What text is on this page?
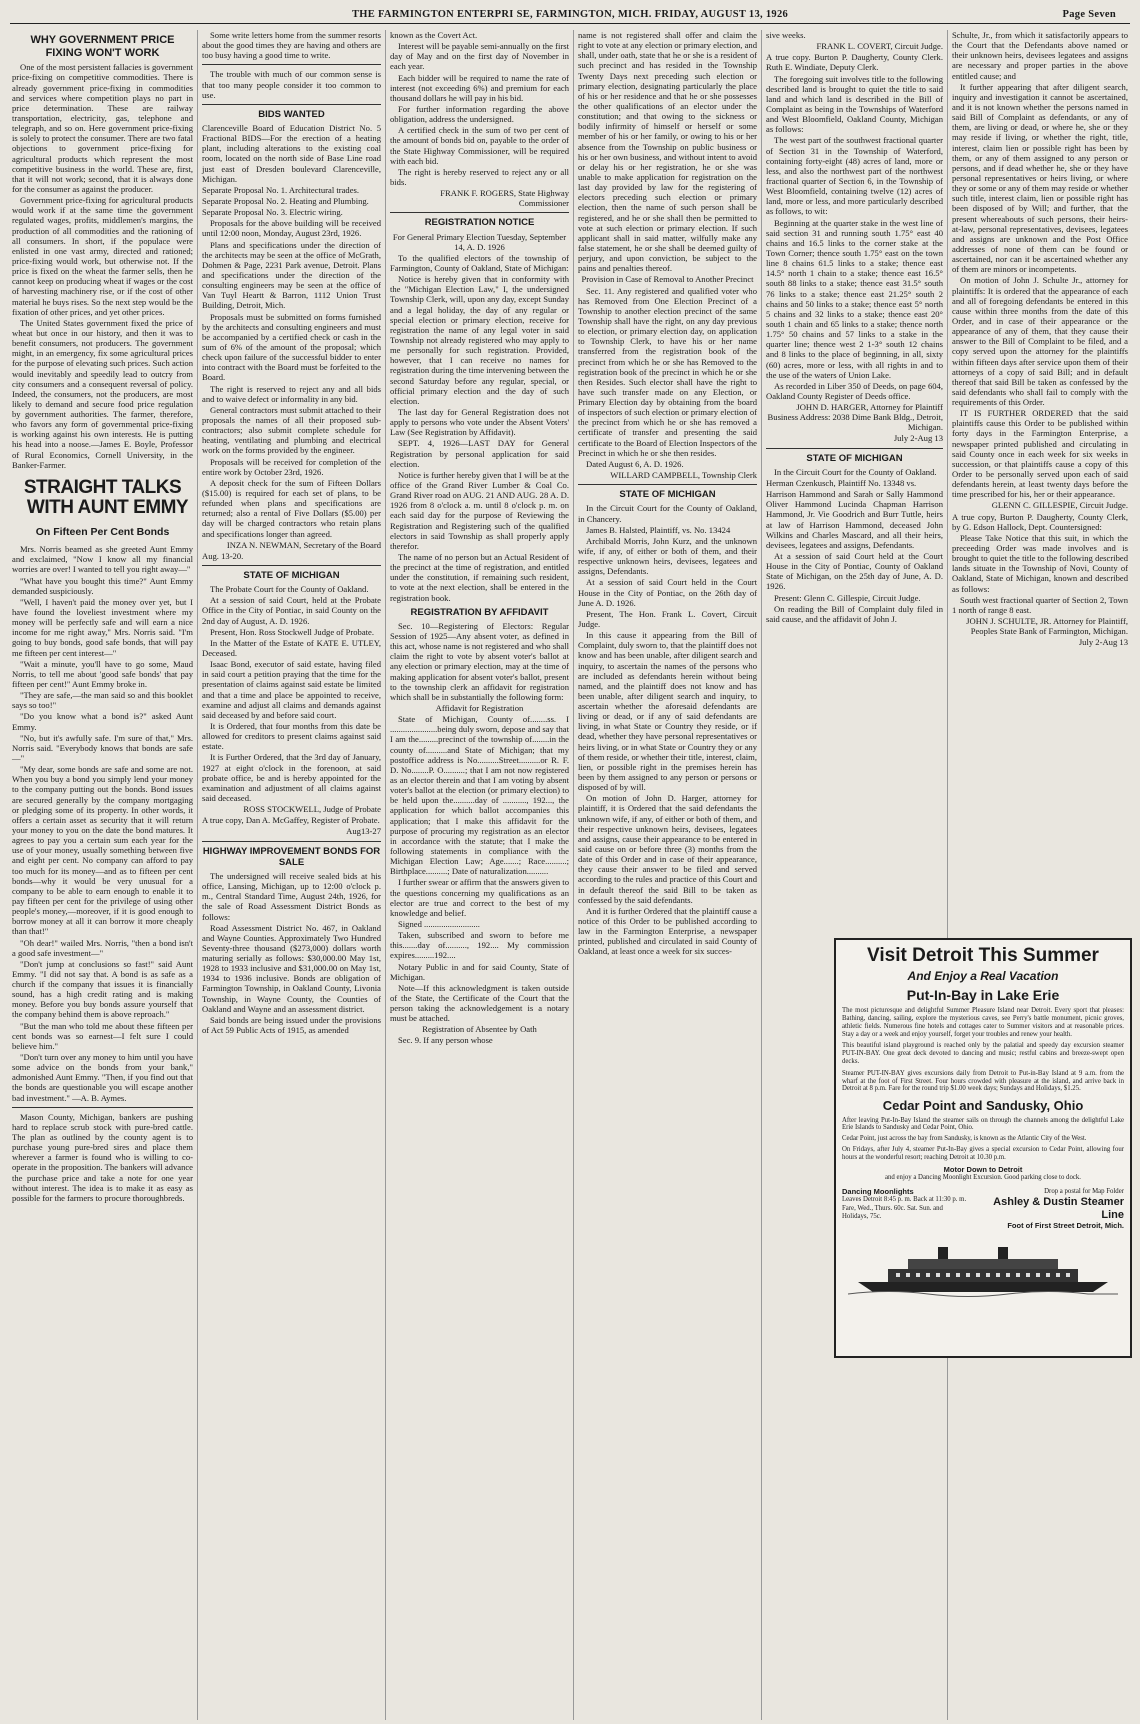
THE FARMINGTON ENTERPRI SE, FARMINGTON, MICH. FRIDAY, AUGUST 13, 1926	Page Seven
WHY GOVERNMENT PRICE FIXING WON'T WORK

One of the most persistent fallacies is government price-fixing on competitive commodities. There is already government price-fixing in commodities and services where competition plays no part in price determination. These are railway transportation, electricity, gas, telephone and telegraph, and so on. Here government price-fixing is solely to protect the consumer. There are two fatal objections to government price-fixing for agricultural products which represent the most competitive business in the world. These are, first, that it will not work; second, that it is always done for the consumer as against the producer.

Government price-fixing for agricultural products would work if at the same time the government regulated wages, profits, middlemen's margins, the production of all commodities and the rationing of all consumers. In short, if the populace were enlisted in one vast army, directed and rationed; price-fixing would work, but otherwise not. If the price is fixed on the wheat the farmer sells, then he cannot keep on producing wheat if wages or the cost of harvesting machinery rise, or if the cost of other material he buys rises. So the next step would be the fixation of other prices, and yet other prices.

The United States government fixed the price of wheat but once in our history, and then it was to benefit consumers, not producers. The government might, in an emergency, fix some agricultural prices for the purpose of elevating such prices. Such action would inevitably and speedily lead to outcry from city consumers and a consequent reversal of policy. Indeed, the consumers, not the producers, are most likely to demand and secure food price regulation by government authorities. The farmer, therefore, who favors any form of governmental price-fixing is working against his own interests. He is putting his head into a noose.—James E. Boyle, Professor of Rural Economics, Cornell University, in the Banker-Farmer.

STRAIGHT TALKS
WITH AUNT EMMY
On Fifteen Per Cent Bonds

Mrs. Norris beamed as she greeted Aunt Emmy and exclaimed, "Now I know all my financial worries are over! I wanted to tell you right away—"

"What have you bought this time?" Aunt Emmy demanded suspiciously.

"Well, I haven't paid the money over yet, but I have found the loveliest investment where my money will be perfectly safe and will earn a nice income for me right away," Mrs. Norris said. "I'm going to buy bonds, good safe bonds, that will pay me fifteen per cent interest—"

"Wait a minute, you'll have to go some, Maud Norris, to tell me about 'good safe bonds' that pay fifteen per cent!" Aunt Emmy broke in.

"They are safe,—the man said so and this booklet says so too!"

"Do you know what a bond is?" asked Aunt Emmy.

"No, but it's awfully safe. I'm sure of that," Mrs. Norris said. "Everybody knows that bonds are safe—"

"My dear, some bonds are safe and some are not. When you buy a bond you simply lend your money to the company putting out the bonds. Bond issues are secured generally by the company mortgaging or pledging some of its property. In other words, it offers a certain asset as security that it will return your money to you on the date the bond matures. It agrees to pay you a certain sum each year for the use of your money, usually something between five and eight per cent. No company can afford to pay too much for its money—and as to fifteen per cent bonds—why it would be very unusual for a company to be able to earn enough to enable it to pay fifteen per cent for the privilege of using other people's money,—moreover, if it is good enough to borrow money at all it can borrow it more cheaply than that!"

"Oh dear!" wailed Mrs. Norris, "then a bond isn't a good safe investment—"

"Don't jump at conclusions so fast!" said Aunt Emmy. "I did not say that. A bond is as safe as a church if the company that issues it is financially sound, has a high credit rating and is making money. Before you buy bonds assure yourself that the company behind them is above reproach."

"But the man who told me about these fifteen per cent bonds was so earnest—I felt sure I could believe him."

"Don't turn over any money to him until you have some advice on the bonds from your bank," admonished Aunt Emmy. "Then, if you find out that the bonds are questionable you will escape another bad investment." —A. B. Aymes.

Mason County, Michigan, bankers are pushing hard to replace scrub stock with pure-bred cattle. The plan as outlined by the county agent is to purchase young pure-bred sires and place them wherever a farmer is found who is willing to co-operate in the proposition. The bankers will advance the purchase price and take a note for one year without interest. The idea is to make it as easy as possible for the farmers to procure thoroughbreds.

Some write letters home from the summer resorts about the good times they are having and others are too busy having a good time to write.

The trouble with much of our common sense is that too many people consider it too common to use.

BIDS WANTED

Clarenceville Board of Education District No. 5 Fractional BIDS—For the erection of a heating plant, including alterations to the existing coal room, located on the north side of Base Line road just east of Dresden boulevard Clarenceville, Michigan.

Separate Proposal No. 1. Architectural trades.

Separate Proposal No. 2. Heating and Plumbing.

Separate Proposal No. 3. Electric wiring.

Proposals for the above building will be received until 12:00 noon, Monday, August 23rd, 1926.

Plans and specifications under the direction of the architects may be seen at the office of McGrath, Dohmen & Page, 2231 Park avenue, Detroit. Plans and specifications under the direction of the consulting engineers may be seen at the office of Van Tuyl Heartt & Barron, 1112 Union Trust Building, Detroit, Mich.

Proposals must be submitted on forms furnished by the architects and consulting engineers and must be accompanied by a certified check or cash in the sum of 6% of the amount of the proposal; which check upon failure of the successful bidder to enter into contract with the Board must be forfeited to the Board.

The right is reserved to reject any and all bids and to waive defect or informality in any bid.

General contractors must submit attached to their proposals the names of all their proposed sub-contractors; also submit complete schedule for heating, ventilating and plumbing and electrical work on the forms provided by the engineer.

Proposals will be received for completion of the entire work by October 23rd, 1926.

A deposit check for the sum of Fifteen Dollars ($15.00) is required for each set of plans, to be refunded when plans and specifications are returned; also a rental of Five Dollars ($5.00) per day will be charged contractors who retain plans and specifications longer than agreed.

INZA N. NEWMAN, Secretary of the Board

Aug. 13-20.

STATE OF MICHIGAN

The Probate Court for the County of Oakland.

At a session of said Court, held at the Probate Office in the City of Pontiac, in said County on the 2nd day of August, A. D. 1926.

Present, Hon. Ross Stockwell Judge of Probate.

In the Matter of the Estate of KATE E. UTLEY, Deceased.

Isaac Bond, executor of said estate, having filed in said court a petition praying that the time for the presentation of claims against said estate be limited and that a time and place be appointed to receive, examine and adjust all claims and demands against said deceased by and before said court.

It is Ordered, that four months from this date be allowed for creditors to present claims against said estate.

It is Further Ordered, that the 3rd day of January, 1927 at eight o'clock in the forenoon, at said probate office, be and is hereby appointed for the examination and adjustment of all claims against said deceased.

ROSS STOCKWELL, Judge of Probate

A true copy, Dan A. McGaffey, Register of Probate.

Aug13-27

HIGHWAY IMPROVEMENT BONDS FOR SALE

The undersigned will receive sealed bids at his office, Lansing, Michigan, up to 12:00 o'clock p. m., Central Standard Time, August 24th, 1926, for the sale of Road Assessment District Bonds as follows:

Road Assessment District No. 467, in Oakland and Wayne Counties. Approximately Two Hundred Seventy-three thousand ($273,000) dollars worth maturing serially as follows: $30,000.00 May 1st, 1928 to 1933 inclusive and $31,000.00 on May 1st, 1934 to 1936 inclusive. Bonds are obligation of Farmington Township, in Oakland County, Livonia Township, in Wayne County, the Counties of Oakland and Wayne and an assessment district.

Said bonds are being issued under the provisions of Act 59 Public Acts of 1915, as amended

known as the Covert Act.

Interest will be payable semi-annually on the first day of May and on the first day of November in each year.

Each bidder will be required to name the rate of interest (not exceeding 6%) and premium for each thousand dollars he will pay in his bid.

For further information regarding the above obligation, address the undersigned.

A certified check in the sum of two per cent of the amount of bonds bid on, payable to the order of the State Highway Commissioner, will be required with each bid.

The right is hereby reserved to reject any or all bids.

FRANK F. ROGERS, State Highway Commissioner

REGISTRATION NOTICE

For General Primary Election Tuesday, September 14, A. D. 1926

To the qualified electors of the township of Farmington, County of Oakland, State of Michigan:

Notice is hereby given that in conformity with the "Michigan Election Law," I, the undersigned Township Clerk, will, upon any day, except Sunday and a legal holiday, the day of any regular or special election or primary election, receive for registration the name of any legal voter in said Township not already registered who may apply to me personally for such registration. Provided, however, that I can receive no names for registration during the time intervening between the second Saturday before any regular, special, or official primary election and the day of such election.

The last day for General Registration does not apply to persons who vote under the Absent Voters' Law (See Registration by Affidavit).

SEPT. 4, 1926—LAST DAY for General Registration by personal application for said election.

Notice is further hereby given that I will be at the office of the Grand River Lumber & Coal Co. Grand River road on AUG. 21 AND AUG. 28 A. D. 1926 from 8 o'clock a. m. until 8 o'clock p. m. on each said day for the purpose of Reviewing the Registration and Registering such of the qualified electors in said Township as shall properly apply therefor.

The name of no person but an Actual Resident of the precinct at the time of registration, and entitled under the constitution, if remaining such resident, to vote at the next election, shall be entered in the registration book.

REGISTRATION BY AFFIDAVIT

Sec. 10—Registering of Electors: Regular Session of 1925—Any absent voter, as defined in this act, whose name is not registered and who shall claim the right to vote by absent voter's ballot at any election or primary election, may at the time of making application for absent voter's ballot, present to the township clerk an affidavit for registration which shall be in substantially the following form:

Affidavit for Registration

State of Michigan, County of........ss. I ......................being duly sworn, depose and say that I am the.........precinct of the township of........in the county of..........and State of Michigan; that my postoffice address is No..........Street..........or R. F. D. No........P. O..........; that I am not now registered as an elector therein and that I am voting by absent voter's ballot at the election (or primary election) to be held upon the..........day of ..........., 192..., the application for which ballot accompanies this application; that I make this affidavit for the purpose of procuring my registration as an elector in accordance with the statute; that I make the following statements in compliance with the Michigan Election Law; Age.......; Race..........; Birthplace..........; Date of naturalization..........

I further swear or affirm that the answers given to the questions concerning my qualifications as an elector are true and correct to the best of my knowledge and belief.

Signed ..........................

Taken, subscribed and sworn to before me this.......day of.........., 192.... My commission expires.........192....

Notary Public in and for said County, State of Michigan.

Note—If this acknowledgment is taken outside of the State, the Certificate of the Court that the person taking the acknowledgement is a notary must be attached.

Registration of Absentee by Oath

Sec. 9. If any person whose

name is not registered shall offer and claim the right to vote at any election or primary election, and shall, under oath, state that he or she is a resident of such precinct and has resided in the Township Twenty Days next preceding such election or primary election, designating particularly the place of his or her residence and that he or she possesses the other qualifications of an elector under the constitution; and that owing to the sickness or bodily infirmity of himself or herself or some member of his or her family, or owing to his or her absence from the Township on public business or his or her own business, and without intent to avoid or delay his or her registration, he or she was unable to make application for registration on the last day provided by law for the registering of electors preceding such election or primary election, then the name of such person shall be registered, and he or she shall then be permitted to vote at such election or primary election. If such applicant shall in said matter, wilfully make any false statement, he or she shall be deemed guilty of perjury, and upon conviction, be subject to the pains and penalties thereof.

Provision in Case of Removal to Another Precinct

Sec. 11. Any registered and qualified voter who has Removed from One Election Precinct of a Township to another election precinct of the same Township shall have the right, on any day previous to election, or primary election day, on application to Township Clerk, to have his or her name transferred from the registration book of the precinct from which he or she has Removed to the registration book of the precinct in which he or she then Resides. Such elector shall have the right to have such transfer made on any Election, or Primary Election day by obtaining from the board of inspectors of such election or primary election of the precinct from which he or she has removed a certificate of transfer and presenting the said certificate to the Board of Election Inspectors of the Precinct in which he or she then resides.

Dated August 6, A. D. 1926.

WILLARD CAMPBELL, Township Clerk

STATE OF MICHIGAN

In the Circuit Court for the County of Oakland, in Chancery.

James B. Halsted, Plaintiff, vs. No. 13424

Archibald Morris, John Kurz, and the unknown wife, if any, of either or both of them, and their respective unknown heirs, devisees, legatees and assigns, Defendants.

At a session of said Court held in the Court House in the City of Pontiac, on the 26th day of June A. D. 1926.

Present, The Hon. Frank L. Covert, Circuit Judge.

In this cause it appearing from the Bill of Complaint, duly sworn to, that the plaintiff does not know and has been unable, after diligent search and inquiry, to ascertain the names of the persons who are included as defendants herein without being named, and the plaintiff does not know and has been unable, after diligent search and inquiry, to ascertain whether the aforesaid defendants are living or dead, or if any of said defendants are living, in what State or Country they reside, or if dead, whether they have personal representatives or heirs living, or in what State or Country they or any of them reside, or whether their title, interest, claim, lien, or possible right in the premises herein has been by them assigned to any person or persons or disposed of by will.

On motion of John D. Harger, attorney for plaintiff, it is Ordered that the said defendants the unknown wife, if any, of either or both of them, and their respective unknown heirs, devisees, legatees and assigns, cause their appearance to be entered in said cause on or before three (3) months from the date of this Order and in case of their appearance, they cause their answer to be filed and served according to the rules and practice of this Court and in default thereof the said Bill to be taken as confessed by the said defendants.

And it is further Ordered that the plaintiff cause a notice of this Order to be published according to law in the Farmington Enterprise, a newspaper printed, published and circulated in said County of Oakland, at least once a week for six succes-

sive weeks.

FRANK L. COVERT, Circuit Judge.

A true copy. Burton P. Daugherty, County Clerk. Ruth E. Windiate, Deputy Clerk.

The foregoing suit involves title to the following described land is brought to quiet the title to said land and which land is described in the Bill of Complaint as being in the Townships of Waterford and West Bloomfield, Oakland County, Michigan as follows:

The west part of the southwest fractional quarter of Section 31 in the Township of Waterford, containing forty-eight (48) acres of land, more or less, and also the northwest part of the northwest fractional quarter of Section 6, in the Township of West Bloomfield, containing twelve (12) acres of land, more or less, and more particularly described as follows, to wit:

Beginning at the quarter stake in the west line of said section 31 and running south 1.75° east 40 chains and 16.5 links to the corner stake at the Town Corner; thence south 1.75° east on the town line 8 chains 61.5 links to a stake; thence east 14.5° north 1 chain to a stake; thence east 16.5° south 88 links to a stake; thence east 31.5° south 76 links to a stake; thence east 21.25° south 2 chains and 50 links to a stake; thence east 5° north 5 chains and 32 links to a stake; thence east 20° south 1 chain and 65 links to a stake; thence north 1.75° 50 chains and 57 links to a stake in the quarter line; thence west 2 1-3° south 12 chains and 8 links to the place of beginning, in all, sixty (60) acres, more or less, with all rights in and to the use of the waters of Union Lake.

As recorded in Liber 350 of Deeds, on page 604, Oakland County Register of Deeds office.

JOHN D. HARGER, Attorney for Plaintiff Business Address: 2038 Dime Bank Bldg., Detroit, Michigan.

July 2-Aug 13

STATE OF MICHIGAN

In the Circuit Court for the County of Oakland.

Herman Czenkusch, Plaintiff No. 13348 vs.

Harrison Hammond and Sarah or Sally Hammond Oliver Hammond Lucinda Chapman Harrison Hammond, Jr. Vie Goodrich and Burr Tuttle, heirs at law of Harrison Hammond, deceased John Wilkins and Charles Mascard, and all their heirs, devisees, legatees and assigns, Defendants.

At a session of said Court held at the Court House in the City of Pontiac, County of Oakland State of Michigan, on the 25th day of June, A. D. 1926.

Present: Glenn C. Gillespie, Circuit Judge.

On reading the Bill of Complaint duly filed in said cause, and the affidavit of John J.

Schulte, Jr., from which it satisfactorily appears to the Court that the Defendants above named or their unknown heirs, devisees legatees and assigns are necessary and proper parties in the above entitled cause; and

It further appearing that after diligent search, inquiry and investigation it cannot be ascertained, and it is not known whether the persons named in said Bill of Complaint as defendants, or any of them, are living or dead, or where he, she or they may reside if living, or whether the right, title, interest, claim lien or possible right has been by them, or any of them assigned to any person or persons, and if dead whether he, she or they have personal representatives or heirs living, or where they or some or any of them may reside or whether such title, interest claim, lien or possible right has been disposed of by Will; and further, that the present whereabouts of such persons, their heirs-at-law, personal representatives, devisees, legatees and assigns are unknown and the Post Office addresses of none of them can be found or ascertained, nor can it be ascertained whether any of them are minors or incompetents.

On motion of John J. Schulte Jr., attorney for plaintiffs: It is ordered that the appearance of each and all of foregoing defendants be entered in this cause within three months from the date of this Order, and in case of their appearance or the appearance of any of them, that they cause their answer to the Bill of Complaint to be filed, and a copy served upon the attorney for the plaintiffs within fifteen days after service upon them of their attorneys of a copy of said Bill; and in default thereof that said Bill be taken as confessed by the said defendants who shall fail to comply with the requirements of this Order.

IT IS FURTHER ORDERED that the said plaintiffs cause this Order to be published within forty days in the Farmington Enterprise, a newspaper printed published and circulating in said County once in each week for six weeks in succession, or that plaintiffs cause a copy of this Order to be personally served upon each of said defendants herein, at least twenty days before the time prescribed for his, her or their appearance.

GLENN C. GILLESPIE, Circuit Judge.

A true copy, Burton P. Daugherty, County Clerk, by G. Edson Hallock, Dept. Countersigned:

Please Take Notice that this suit, in which the preceeding Order was made involves and is brought to quiet the title to the following described lands situate in the Township of Novi, County of Oakland, State of Michigan, known and described as follows:

South west fractional quarter of Section 2, Town 1 north of range 8 east.

JOHN J. SCHULTE, JR. Attorney for Plaintiff, Peoples State Bank of Farmington, Michigan.

July 2-Aug 13

Visit Detroit This Summer
And Enjoy a Real Vacation
Put-In-Bay in Lake Erie
The most picturesque and delightful Summer Pleasure Island near Detroit. Every sport that pleases: Bathing, dancing, sailing, explore the mysterious caves, see Perry's battle monument, picnic groves, athletic fields. Numerous fine hotels and cottages cater to Summer visitors and at reasonable prices. Stay a day or a week and enjoy yourself, forget your troubles and renew your health.
This beautiful island playground is reached only by the palatial and speedy day excursion steamer PUT-IN-BAY. One great deck devoted to dancing and music; restful cabins and breeze-swept open decks.
Steamer PUT-IN-BAY gives excursions daily from Detroit to Put-in-Bay Island at 9 a.m. from the wharf at the foot of First Street. Four hours crowded with pleasure at the island, and arrive back in Detroit at 8 p.m. Fare for the round trip $1.00 week days; Sundays and Holidays, $1.25.
Cedar Point and Sandusky, Ohio
After leaving Put-In-Bay Island the steamer sails on through the channels among the delightful Lake Erie Islands to Sandusky and Cedar Point, Ohio.
Cedar Point, just across the bay from Sandusky, is known as the Atlantic City of the West.
On Fridays, after July 4, steamer Put-In-Bay gives a special excursion to Cedar Point, allowing four hours at the wonderful resort; reaching Detroit at 10.30 p.m.
Motor Down to Detroit
and enjoy a Dancing Moonlight Excursion. Good parking close to dock.
Dancing Moonlights
Leaves Detroit 8:45 p. m. Back at 11:30 p. m. Fare, Wed., Thurs. 60c. Sat. Sun. and Holidays, 75c.
Drop a postal for Map Folder
Ashley & Dustin Steamer Line
Foot of First Street Detroit, Mich.
